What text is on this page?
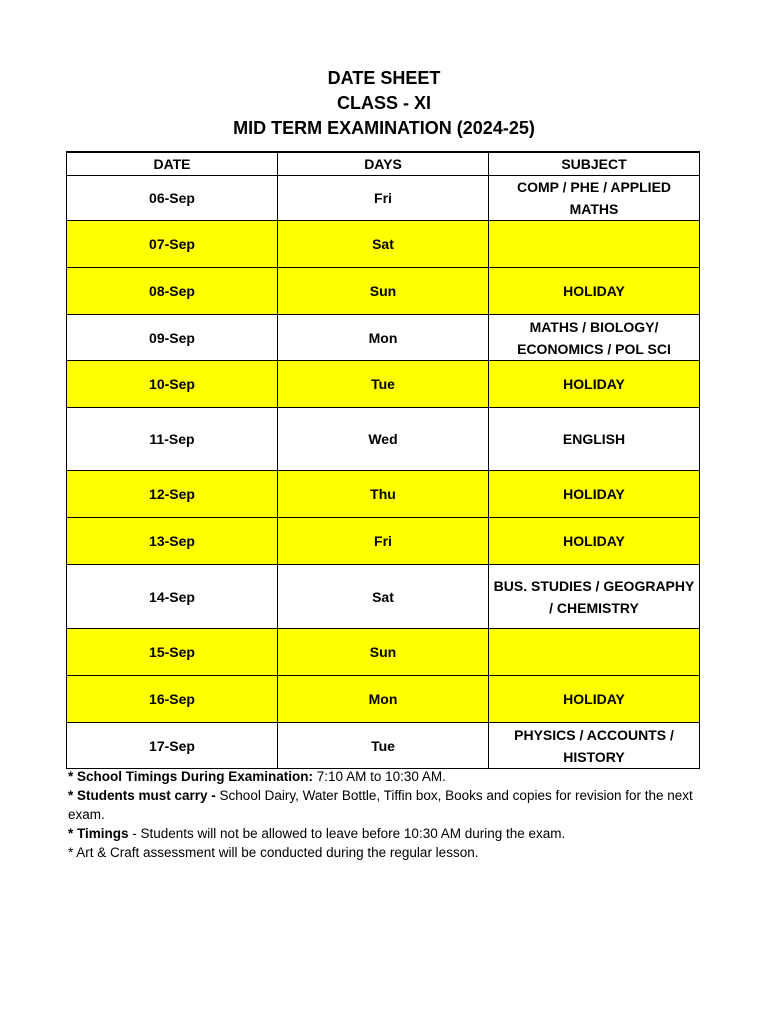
DATE SHEET
CLASS - XI
MID TERM EXAMINATION (2024-25)
DATE	DAYS	SUBJECT
06-Sep	Fri	COMP / PHE / APPLIED MATHS
07-Sep	Sat	
08-Sep	Sun	HOLIDAY
09-Sep	Mon	MATHS / BIOLOGY/ ECONOMICS / POL SCI
10-Sep	Tue	HOLIDAY
11-Sep	Wed	ENGLISH
12-Sep	Thu	HOLIDAY
13-Sep	Fri	HOLIDAY
14-Sep	Sat	BUS. STUDIES / GEOGRAPHY / CHEMISTRY
15-Sep	Sun	
16-Sep	Mon	HOLIDAY
17-Sep	Tue	PHYSICS / ACCOUNTS / HISTORY

* School Timings During Examination: 7:10 AM to 10:30 AM.

* Students must carry - School Dairy, Water Bottle, Tiffin box, Books and copies for revision for the next exam.

* Timings - Students will not be allowed to leave before 10:30 AM during the exam.

* Art & Craft assessment will be conducted during the regular lesson.
